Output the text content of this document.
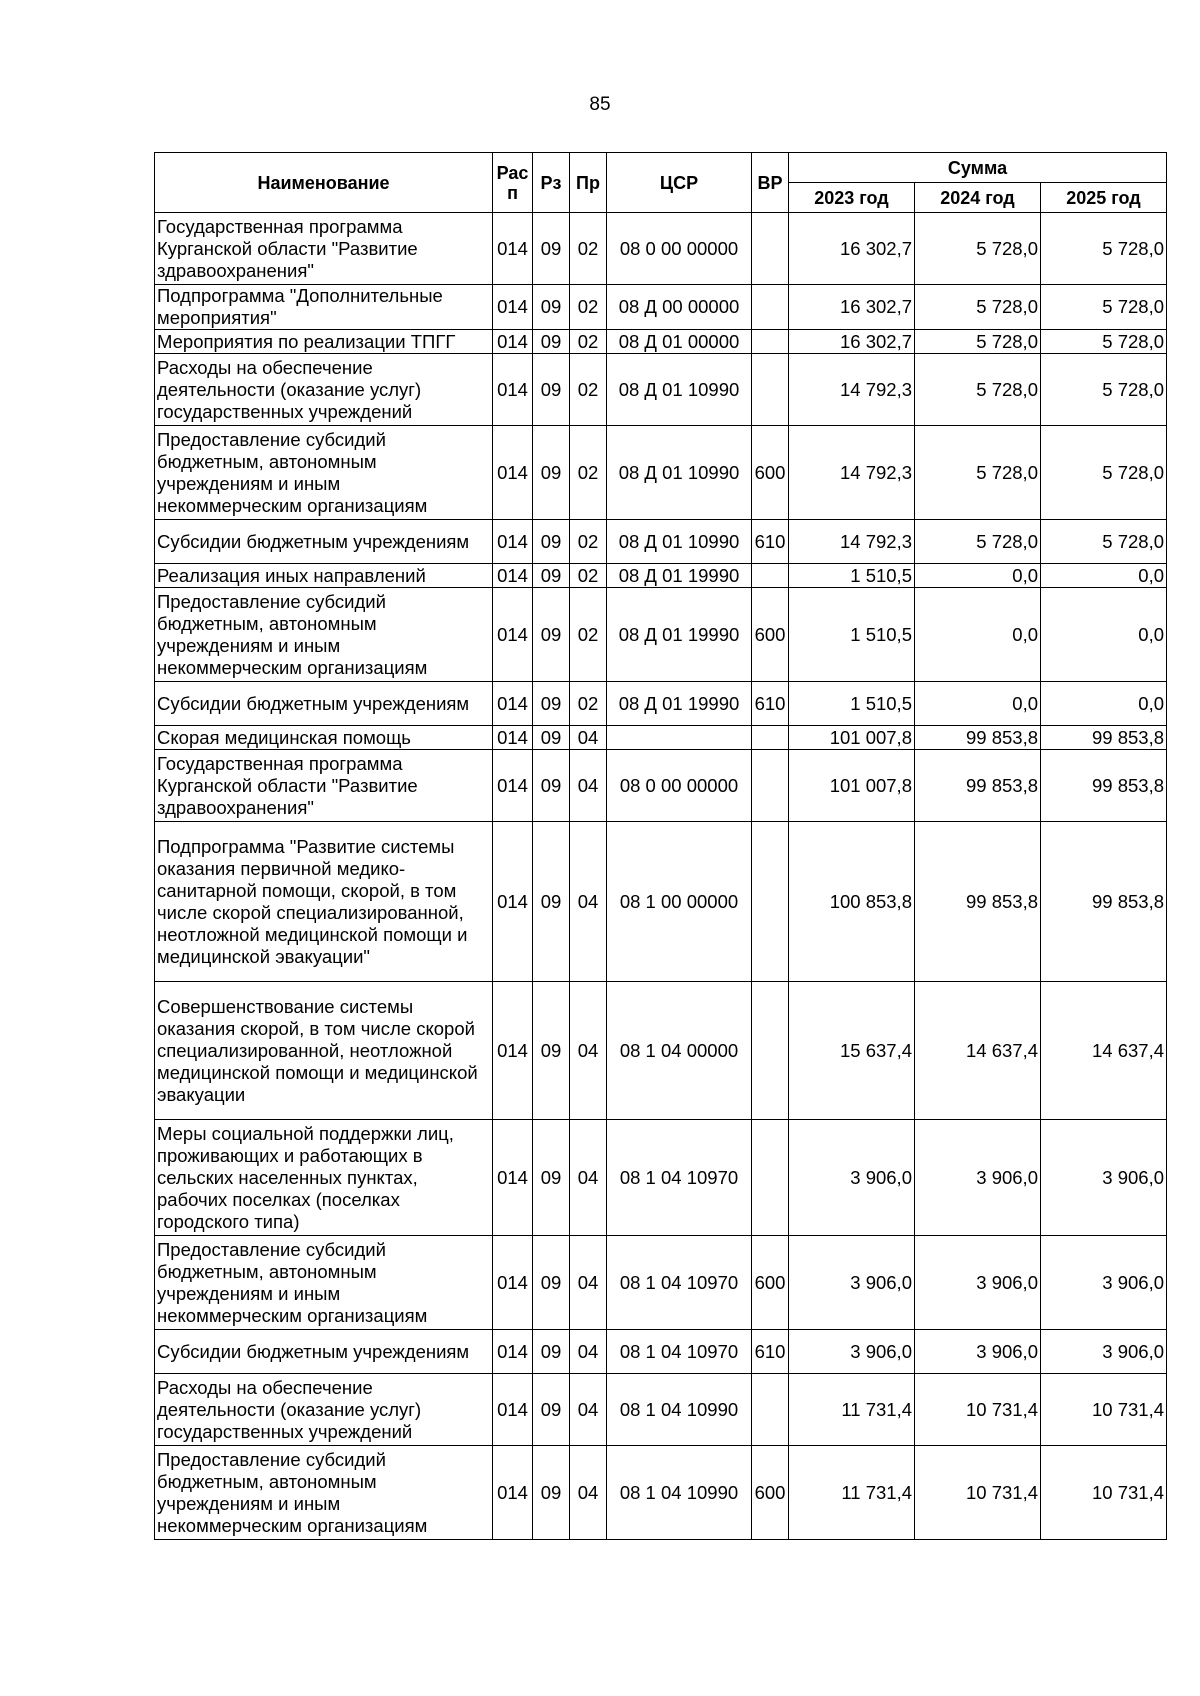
85
Наименование	Рас п	Рз	Пр	ЦСР	ВР	Сумма		
						2023 год	2024 год	2025 год
Государственная программа Курганской области "Развитие здравоохранения"	014	09	02	08 0 00 00000		16 302,7	5 728,0	5 728,0
Подпрограмма "Дополнительные мероприятия"	014	09	02	08 Д 00 00000		16 302,7	5 728,0	5 728,0
Мероприятия по реализации ТПГГ	014	09	02	08 Д 01 00000		16 302,7	5 728,0	5 728,0
Расходы на обеспечение деятельности (оказание услуг) государственных учреждений	014	09	02	08 Д 01 10990		14 792,3	5 728,0	5 728,0
Предоставление субсидий бюджетным, автономным учреждениям и иным некоммерческим организациям	014	09	02	08 Д 01 10990	600	14 792,3	5 728,0	5 728,0
Субсидии бюджетным учреждениям	014	09	02	08 Д 01 10990	610	14 792,3	5 728,0	5 728,0
Реализация иных направлений	014	09	02	08 Д 01 19990		1 510,5	0,0	0,0
Предоставление субсидий бюджетным, автономным учреждениям и иным некоммерческим организациям	014	09	02	08 Д 01 19990	600	1 510,5	0,0	0,0
Субсидии бюджетным учреждениям	014	09	02	08 Д 01 19990	610	1 510,5	0,0	0,0
Скорая медицинская помощь	014	09	04			101 007,8	99 853,8	99 853,8
Государственная программа Курганской области "Развитие здравоохранения"	014	09	04	08 0 00 00000		101 007,8	99 853,8	99 853,8
Подпрограмма "Развитие системы оказания первичной медико-санитарной помощи, скорой, в том числе скорой специализированной, неотложной медицинской помощи и медицинской эвакуации"	014	09	04	08 1 00 00000		100 853,8	99 853,8	99 853,8
Совершенствование системы оказания скорой, в том числе скорой специализированной, неотложной медицинской помощи и медицинской эвакуации	014	09	04	08 1 04 00000		15 637,4	14 637,4	14 637,4
Меры социальной поддержки лиц, проживающих и работающих в сельских населенных пунктах, рабочих поселках (поселках городского типа)	014	09	04	08 1 04 10970		3 906,0	3 906,0	3 906,0
Предоставление субсидий бюджетным, автономным учреждениям и иным некоммерческим организациям	014	09	04	08 1 04 10970	600	3 906,0	3 906,0	3 906,0
Субсидии бюджетным учреждениям	014	09	04	08 1 04 10970	610	3 906,0	3 906,0	3 906,0
Расходы на обеспечение деятельности (оказание услуг) государственных учреждений	014	09	04	08 1 04 10990		11 731,4	10 731,4	10 731,4
Предоставление субсидий бюджетным, автономным учреждениям и иным некоммерческим организациям	014	09	04	08 1 04 10990	600	11 731,4	10 731,4	10 731,4
